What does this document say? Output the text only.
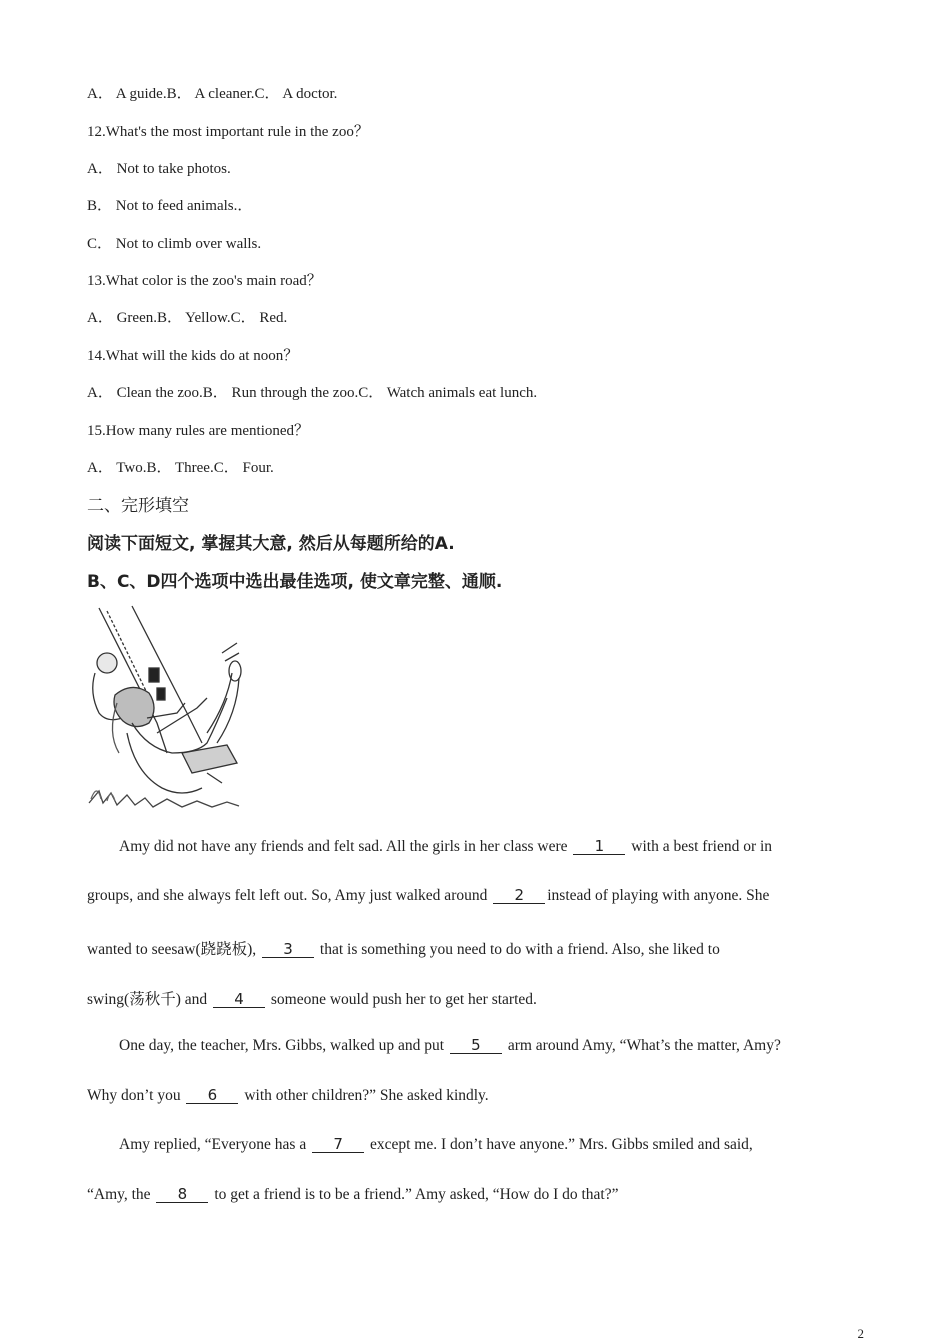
A． A guide.B． A cleaner.C． A doctor.
12.What's the most important rule in the zoo？
A． Not to take photos.
B． Not to feed animals.．
C． Not to climb over walls.
13.What color is the zoo's main road？
A． Green.B． Yellow.C． Red.
14.What will the kids do at noon？
A． Clean the zoo.B． Run through the zoo.C． Watch animals eat lunch.
15.How many rules are mentioned？
A． Two.B． Three.C． Four.
二、完形填空
阅读下面短文, 掌握其大意, 然后从每题所给的A.
B、C、D四个选项中选出最佳选项, 使文章完整、通顺.
Amy did not have any friends and felt sad. All the girls in her class were 1 with a best friend or in
groups, and she always felt left out. So, Amy just walked around 2 instead of playing with anyone. She
wanted to seesaw(跷跷板), 3 that is something you need to do with a friend. Also, she liked to
swing(荡秋千) and 4 someone would push her to get her started.
One day, the teacher, Mrs. Gibbs, walked up and put 5 arm around Amy, “What’s the matter, Amy?
Why don’t you 6 with other children?” She asked kindly.
Amy replied, “Everyone has a 7 except me. I don’t have anyone.” Mrs. Gibbs smiled and said,
“Amy, the 8 to get a friend is to be a friend.” Amy asked, “How do I do that?”
2
